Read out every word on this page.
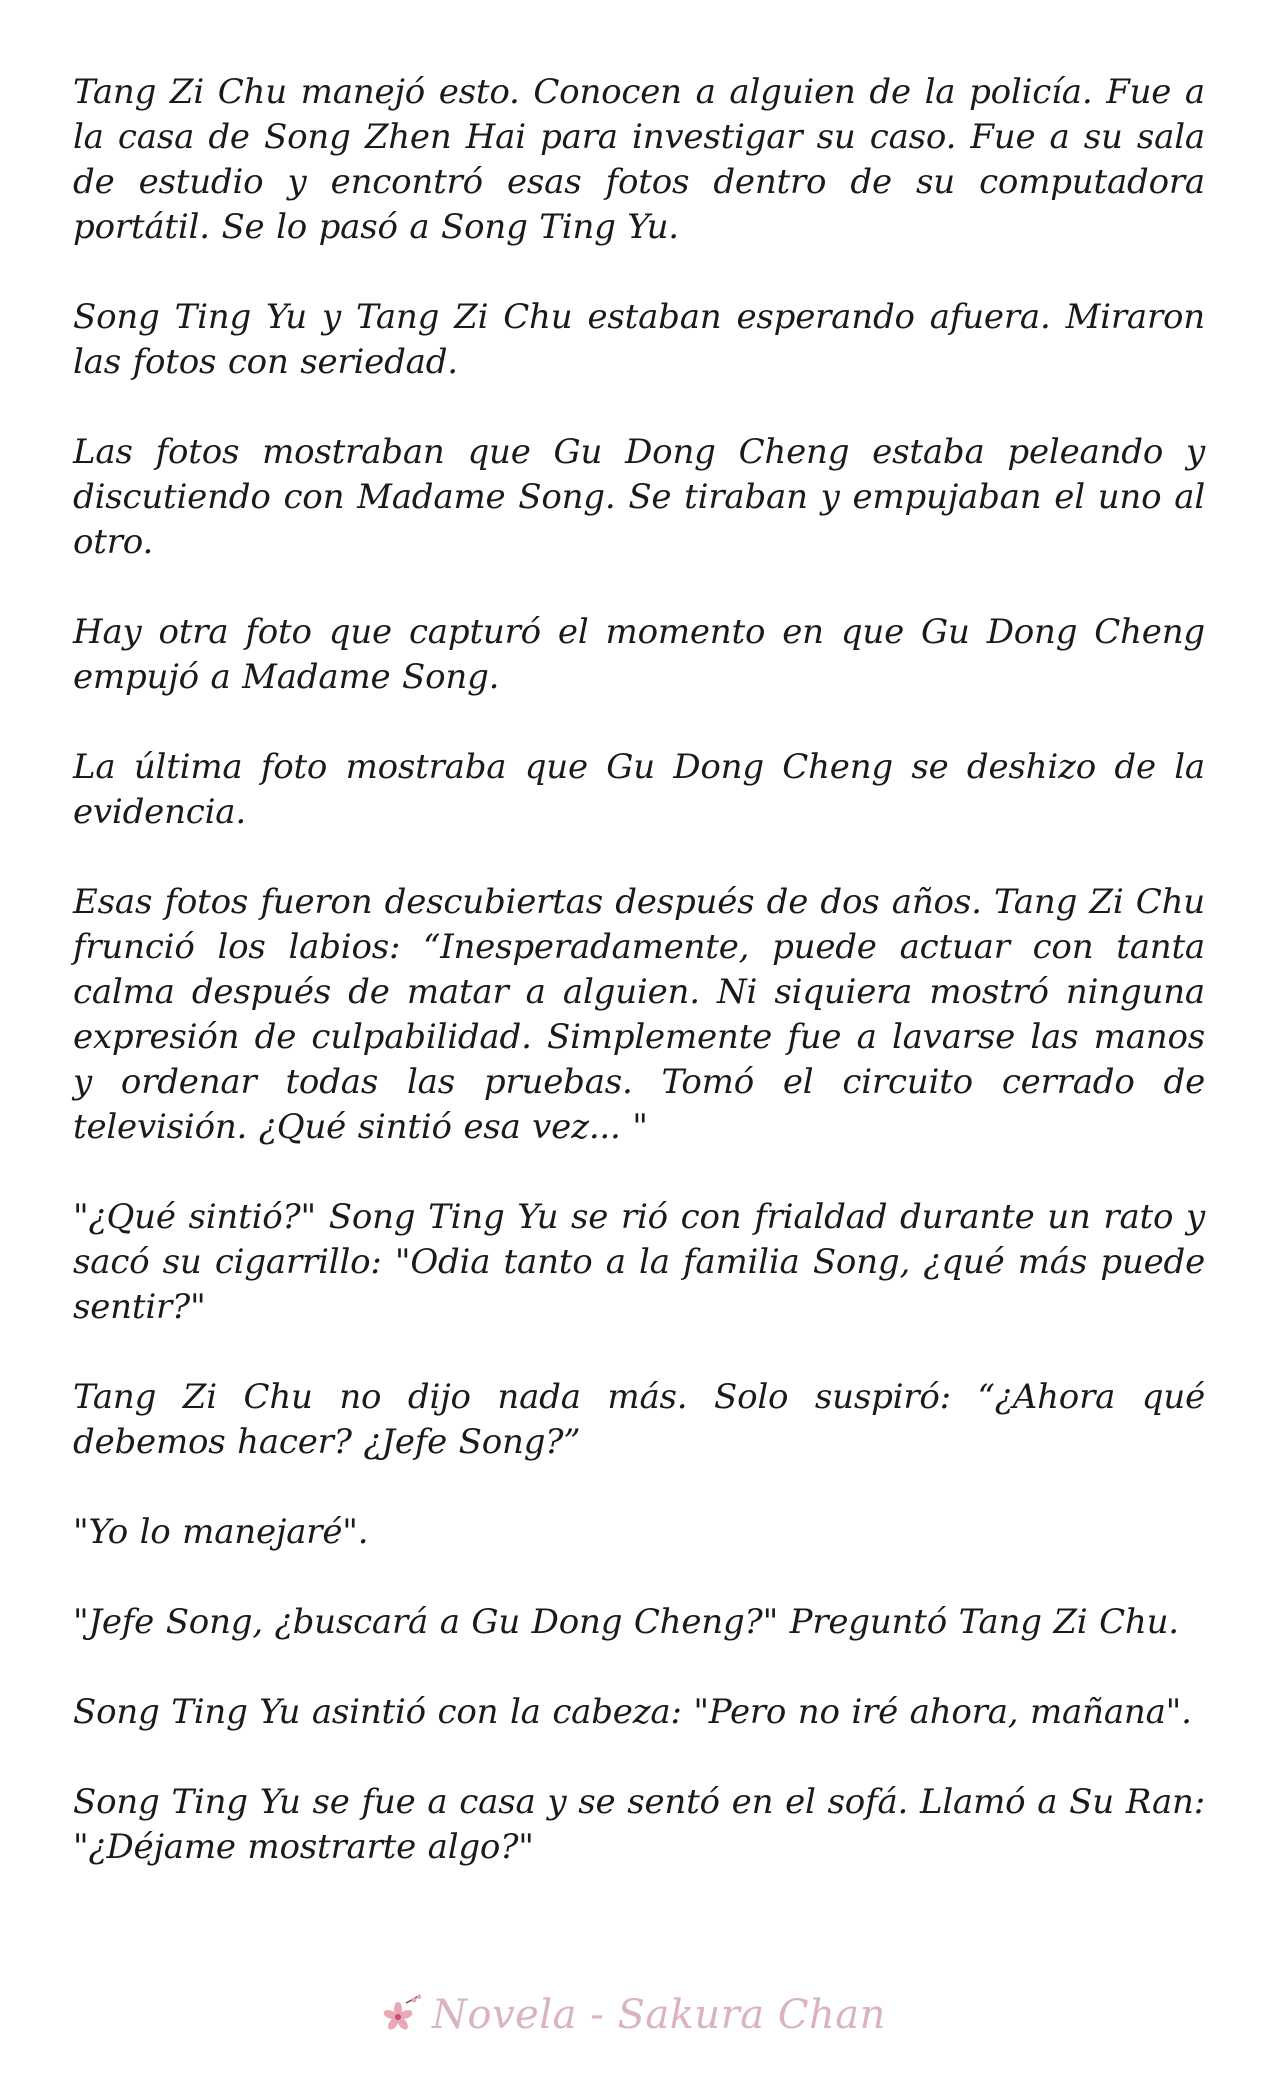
Tang Zi Chu manejó esto. Conocen a alguien de la policía. Fue a la casa de Song Zhen Hai para investigar su caso. Fue a su sala de estudio y encontró esas fotos dentro de su computadora portátil. Se lo pasó a Song Ting Yu.

Song Ting Yu y Tang Zi Chu estaban esperando afuera. Miraron las fotos con seriedad.

Las fotos mostraban que Gu Dong Cheng estaba peleando y discutiendo con Madame Song. Se tiraban y empujaban el uno al otro.

Hay otra foto que capturó el momento en que Gu Dong Cheng empujó a Madame Song.

La última foto mostraba que Gu Dong Cheng se deshizo de la evidencia.

Esas fotos fueron descubiertas después de dos años. Tang Zi Chu frunció los labios: “Inesperadamente, puede actuar con tanta calma después de matar a alguien. Ni siquiera mostró ninguna expresión de culpabilidad. Simplemente fue a lavarse las manos y ordenar todas las pruebas. Tomó el circuito cerrado de televisión. ¿Qué sintió esa vez... "

"¿Qué sintió?" Song Ting Yu se rió con frialdad durante un rato y sacó su cigarrillo: "Odia tanto a la familia Song, ¿qué más puede sentir?"

Tang Zi Chu no dijo nada más. Solo suspiró: “¿Ahora qué debemos hacer? ¿Jefe Song?”

"Yo lo manejaré".

"Jefe Song, ¿buscará a Gu Dong Cheng?" Preguntó Tang Zi Chu.

Song Ting Yu asintió con la cabeza: "Pero no iré ahora, mañana".

Song Ting Yu se fue a casa y se sentó en el sofá. Llamó a Su Ran: "¿Déjame mostrarte algo?"

Novela - Sakura Chan
